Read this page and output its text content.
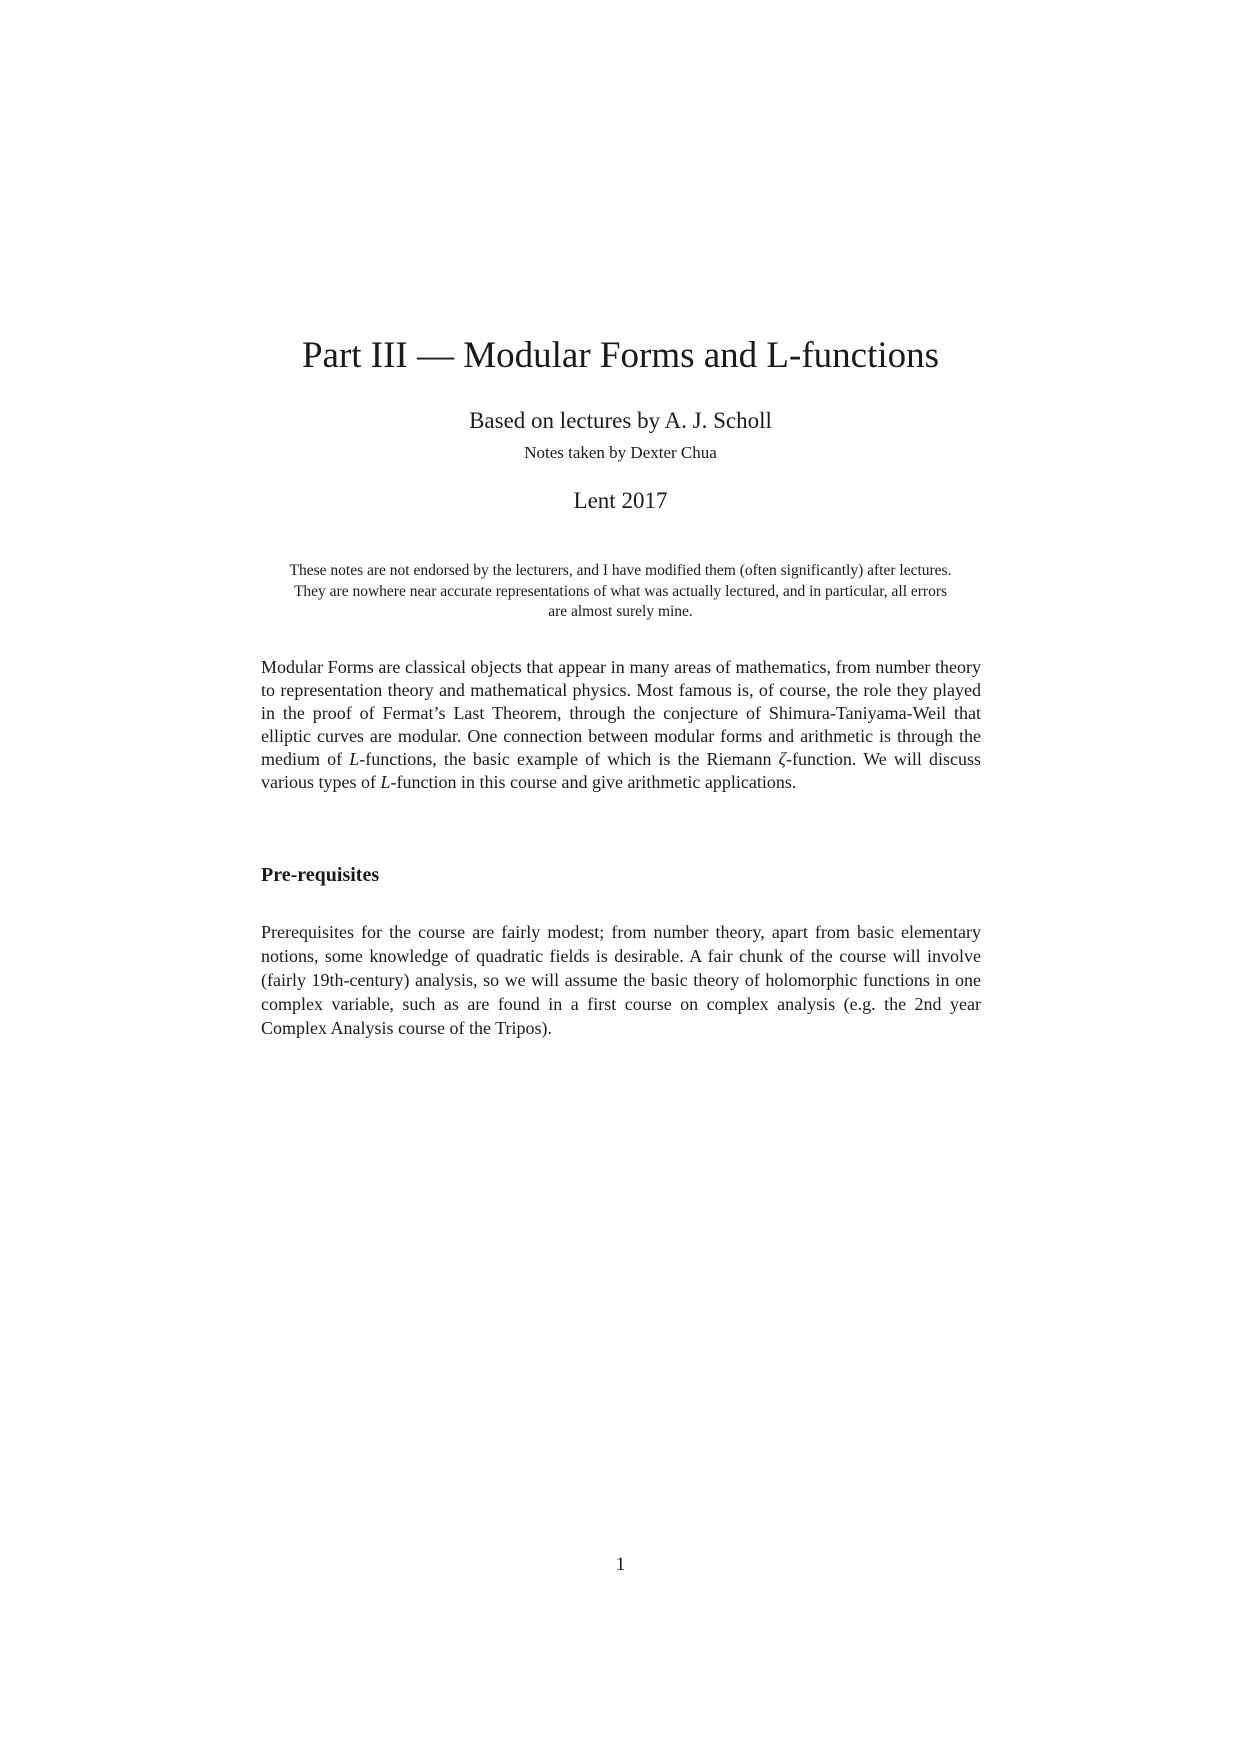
Part III — Modular Forms and L-functions
Based on lectures by A. J. Scholl
Notes taken by Dexter Chua
Lent 2017

These notes are not endorsed by the lecturers, and I have modified them (often significantly) after lectures. They are nowhere near accurate representations of what was actually lectured, and in particular, all errors are almost surely mine.

Modular Forms are classical objects that appear in many areas of mathematics, from number theory to representation theory and mathematical physics. Most famous is, of course, the role they played in the proof of Fermat’s Last Theorem, through the conjecture of Shimura-Taniyama-Weil that elliptic curves are modular. One connection between modular forms and arithmetic is through the medium of L-functions, the basic example of which is the Riemann ζ-function. We will discuss various types of L-function in this course and give arithmetic applications.

Pre-requisites

Prerequisites for the course are fairly modest; from number theory, apart from basic elementary notions, some knowledge of quadratic fields is desirable. A fair chunk of the course will involve (fairly 19th-century) analysis, so we will assume the basic theory of holomorphic functions in one complex variable, such as are found in a first course on complex analysis (e.g. the 2nd year Complex Analysis course of the Tripos).

1
